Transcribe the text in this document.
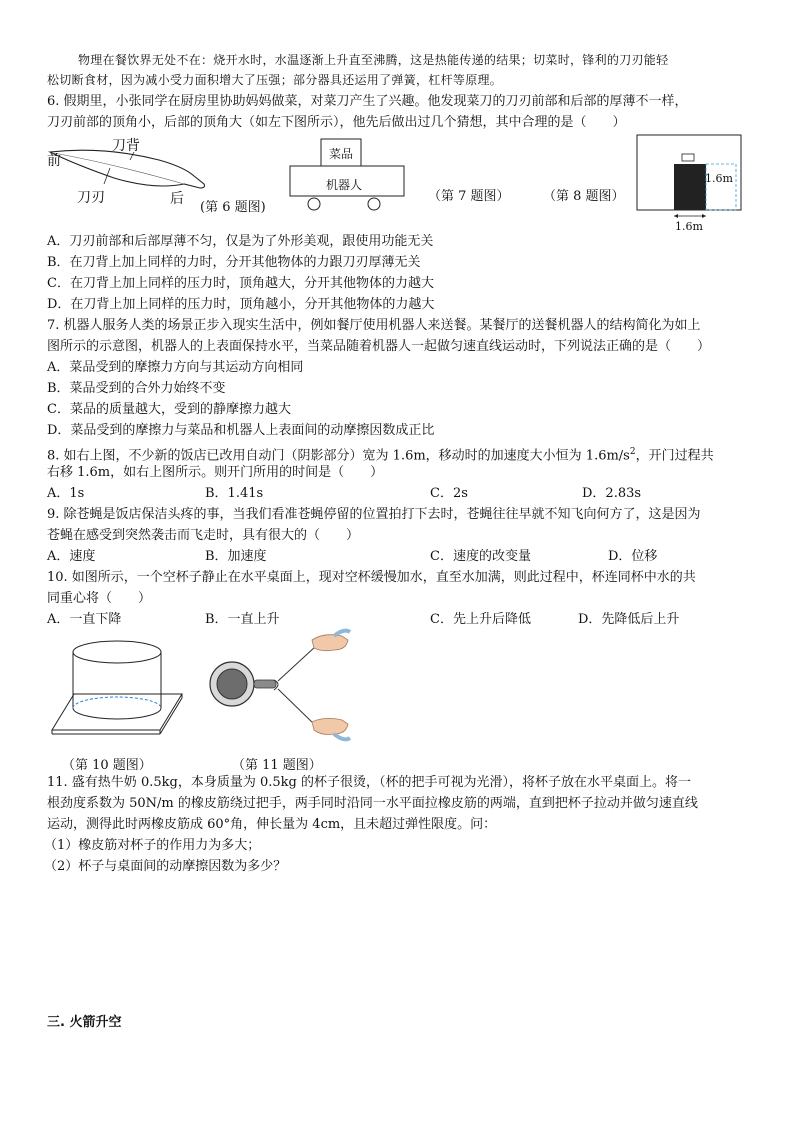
物理在餐饮界无处不在：烧开水时，水温逐渐上升直至沸腾，这是热能传递的结果；切菜时，锋利的刀刃能轻
松切断食材，因为减小受力面积增大了压强；部分器具还运用了弹簧，杠杆等原理。
6. 假期里，小张同学在厨房里协助妈妈做菜，对菜刀产生了兴趣。他发现菜刀的刀刃前部和后部的厚薄不一样，
刀刃前部的顶角小，后部的顶角大（如左下图所示），他先后做出过几个猜想，其中合理的是（　　）
前
刀背
刀刃	后
(第 6 题图)
菜品
机器人
（第 7 题图）	（第 8 题图）
1.6m
1.6m
A．刀刃前部和后部厚薄不匀，仅是为了外形美观，跟使用功能无关
B．在刀背上加上同样的力时，分开其他物体的力跟刀刃厚薄无关
C．在刀背上加上同样的压力时，顶角越大，分开其他物体的力越大
D．在刀背上加上同样的压力时，顶角越小，分开其他物体的力越大
7. 机器人服务人类的场景正步入现实生活中，例如餐厅使用机器人来送餐。某餐厅的送餐机器人的结构简化为如上
图所示的示意图，机器人的上表面保持水平，当菜品随着机器人一起做匀速直线运动时，下列说法正确的是（　　）
A．菜品受到的摩擦力方向与其运动方向相同
B．菜品受到的合外力始终不变
C．菜品的质量越大，受到的静摩擦力越大
D．菜品受到的摩擦力与菜品和机器人上表面间的动摩擦因数成正比
8. 如右上图，不少新的饭店已改用自动门（阴影部分）宽为 1.6m，移动时的加速度大小恒为 $1.6m/s^2$，开门过程共
右移 1.6m，如右上图所示。则开门所用的时间是（　　）
A．1s	B．1.41s	C．2s	D．2.83s
9. 除苍蝇是饭店保洁头疼的事，当我们看准苍蝇停留的位置拍打下去时，苍蝇往往早就不知飞向何方了，这是因为
苍蝇在感受到突然袭击而飞走时，具有很大的（　　）
A．速度	B．加速度	C．速度的改变量	D．位移
10. 如图所示，一个空杯子静止在水平桌面上，现对空杯缓慢加水，直至水加满，则此过程中，杯连同杯中水的共
同重心将（　　）
A．一直下降	B．一直上升	C．先上升后降低	D．先降低后上升
（第 10 题图）	（第 11 题图）
11. 盛有热牛奶 0.5kg，本身质量为 0.5kg 的杯子很烫，（杯的把手可视为光滑），将杯子放在水平桌面上。将一
根劲度系数为 50N/m 的橡皮筋绕过把手，两手同时沿同一水平面拉橡皮筋的两端，直到把杯子拉动并做匀速直线
运动，测得此时两橡皮筋成 60°角，伸长量为 4cm，且未超过弹性限度。问：
（1）橡皮筋对杯子的作用力为多大；
（2）杯子与桌面间的动摩擦因数为多少？
三. 火箭升空
